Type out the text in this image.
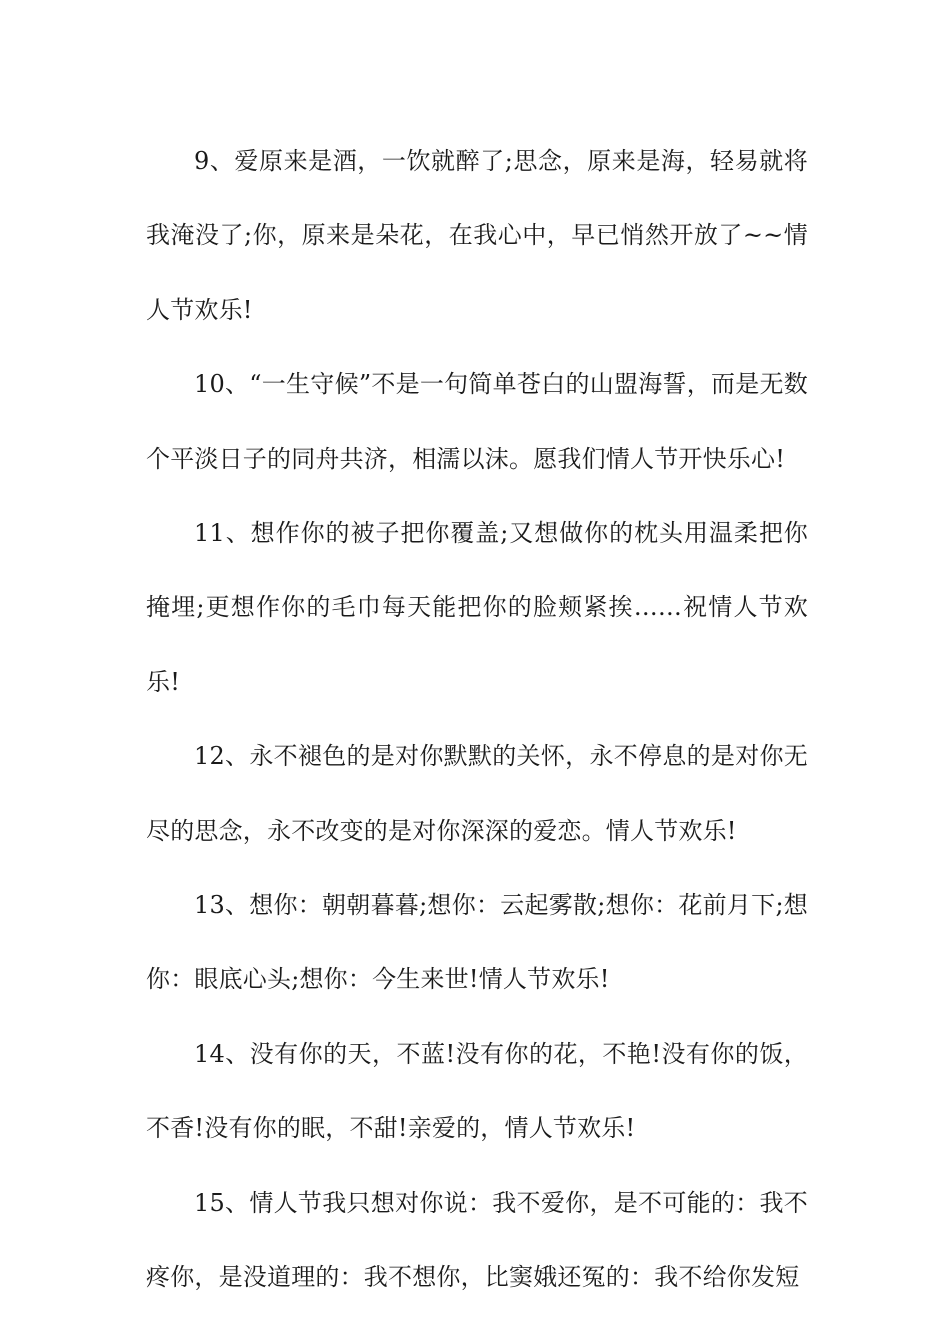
9、爱原来是酒，一饮就醉了;思念，原来是海，轻易就将我淹没了;你，原来是朵花，在我心中，早已悄然开放了~~情人节欢乐!

10、“一生守候”不是一句简单苍白的山盟海誓，而是无数个平淡日子的同舟共济，相濡以沫。愿我们情人节开快乐心!

11、想作你的被子把你覆盖;又想做你的枕头用温柔把你掩埋;更想作你的毛巾每天能把你的脸颊紧挨……祝情人节欢乐!

12、永不褪色的是对你默默的关怀，永不停息的是对你无尽的思念，永不改变的是对你深深的爱恋。情人节欢乐!

13、想你：朝朝暮暮;想你：云起雾散;想你：花前月下;想你：眼底心头;想你：今生来世!情人节欢乐!

14、没有你的天，不蓝!没有你的花，不艳!没有你的饭，不香!没有你的眠，不甜!亲爱的，情人节欢乐!

15、情人节我只想对你说：我不爱你，是不可能的：我不疼你，是没道理的：我不想你，比窦娥还冤的：我不给你发短
